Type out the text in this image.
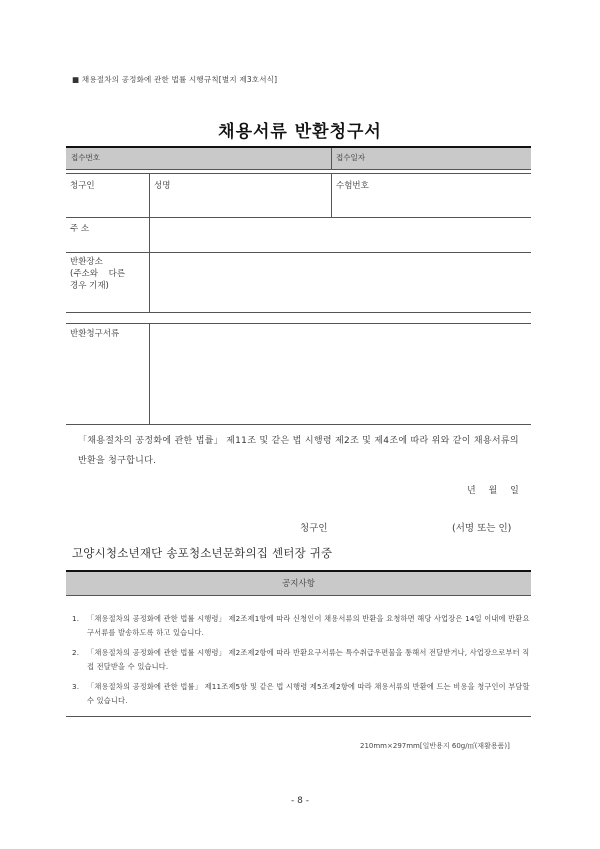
■ 채용절차의 공정화에 관한 법률 시행규칙[별지 제3호서식]
채용서류 반환청구서
접수번호	접수일자
청구인	성명	수험번호
주 소
반환장소
(주소와 다른
경우 기재)
반환청구서류
「채용절차의 공정화에 관한 법률」 제11조 및 같은 법 시행령 제2조 및 제4조에 따라 위와 같이 채용서류의 반환을 청구합니다.
년 월 일
청구인	(서명 또는 인)
고양시청소년재단 송포청소년문화의집 센터장 귀중
공지사항
1. 「채용절차의 공정화에 관한 법률 시행령」 제2조제1항에 따라 신청인이 채용서류의 반환을 요청하면 해당 사업장은 14일 이내에 반환요구서류를 발송하도록 하고 있습니다.
2. 「채용절차의 공정화에 관한 법률 시행령」 제2조제2항에 따라 반환요구서류는 특수취급우편물을 통해서 전달받거나, 사업장으로부터 직접 전달받을 수 있습니다.
3. 「채용절차의 공정화에 관한 법률」 제11조제5항 및 같은 법 시행령 제5조제2항에 따라 채용서류의 반환에 드는 비용을 청구인이 부담할 수 있습니다.
210mm×297mm[일반용지 60g/㎡(재활용품)]
- 8 -
